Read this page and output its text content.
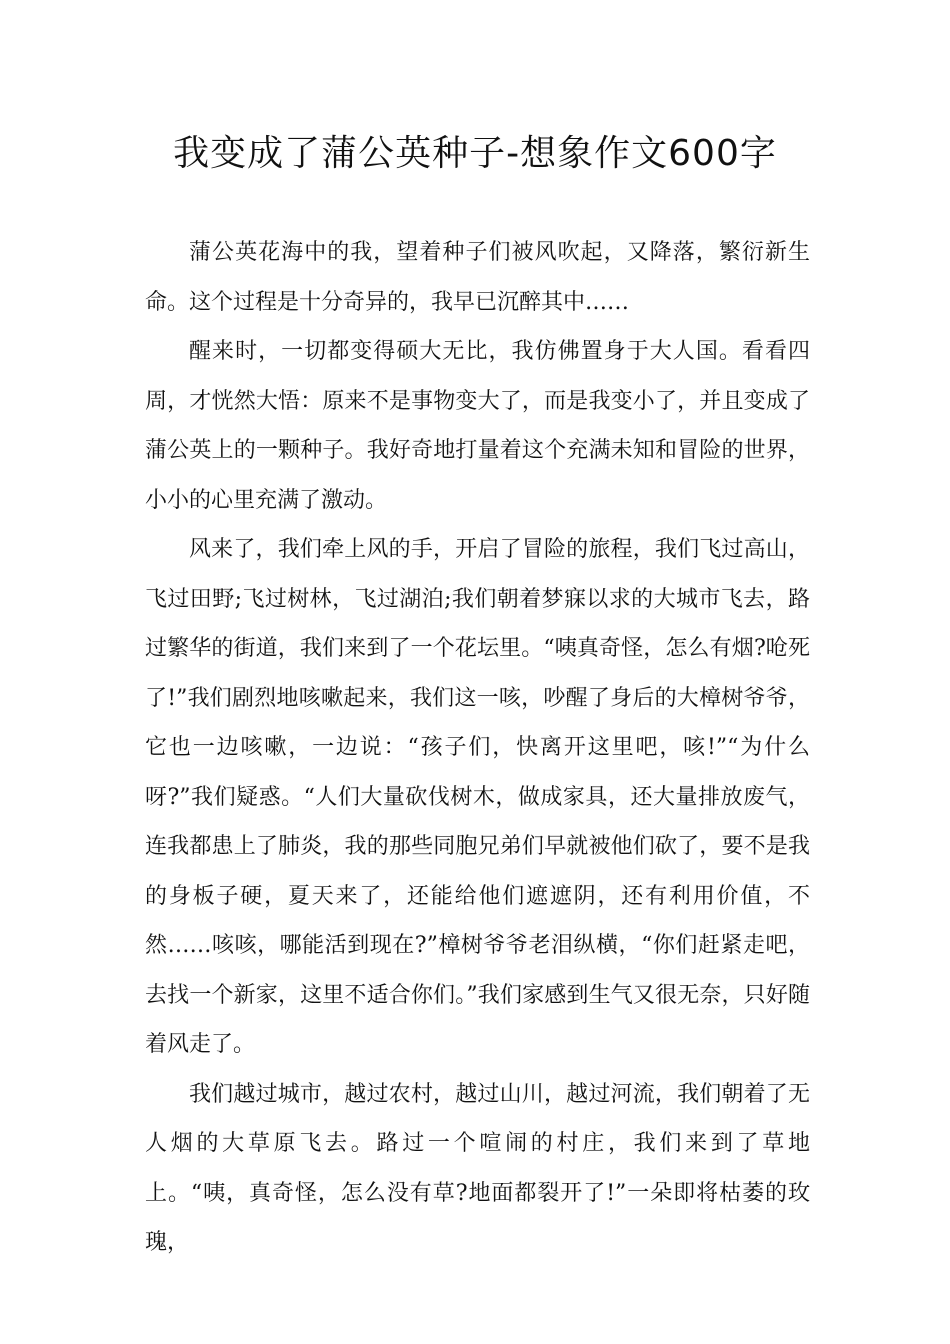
我变成了蒲公英种子-想象作文600字

蒲公英花海中的我，望着种子们被风吹起，又降落，繁衍新生命。这个过程是十分奇异的，我早已沉醉其中……

醒来时，一切都变得硕大无比，我仿佛置身于大人国。看看四周，才恍然大悟：原来不是事物变大了，而是我变小了，并且变成了蒲公英上的一颗种子。我好奇地打量着这个充满未知和冒险的世界，小小的心里充满了激动。

风来了，我们牵上风的手，开启了冒险的旅程，我们飞过高山，飞过田野;飞过树林，飞过湖泊;我们朝着梦寐以求的大城市飞去，路过繁华的街道，我们来到了一个花坛里。“咦真奇怪，怎么有烟?呛死了!”我们剧烈地咳嗽起来，我们这一咳，吵醒了身后的大樟树爷爷，它也一边咳嗽，一边说：“孩子们，快离开这里吧，咳!”“为什么呀?”我们疑惑。“人们大量砍伐树木，做成家具，还大量排放废气，连我都患上了肺炎，我的那些同胞兄弟们早就被他们砍了，要不是我的身板子硬，夏天来了，还能给他们遮遮阴，还有利用价值，不然……咳咳，哪能活到现在?”樟树爷爷老泪纵横，“你们赶紧走吧，去找一个新家，这里不适合你们。”我们家感到生气又很无奈，只好随着风走了。

我们越过城市，越过农村，越过山川，越过河流，我们朝着了无人烟的大草原飞去。路过一个喧闹的村庄，我们来到了草地上。“咦，真奇怪，怎么没有草?地面都裂开了!”一朵即将枯萎的玫瑰，
